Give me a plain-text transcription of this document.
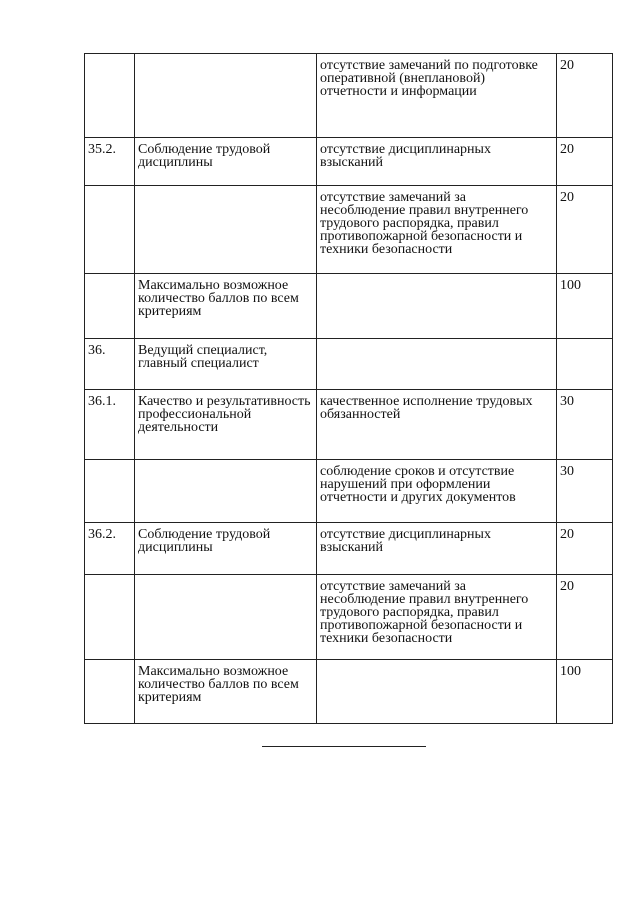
		отсутствие замечаний по подготовке оперативной (внеплановой) отчетности и информации	20
35.2.	Соблюдение трудовой дисциплины	отсутствие дисциплинарных взысканий	20
		отсутствие замечаний за несоблюдение правил внутреннего трудового распорядка, правил противопожарной безопасности и техники безопасности	20
	Максимально возможное количество баллов по всем критериям		100
36.	Ведущий специалист, главный специалист		
36.1.	Качество и результативность профессиональной деятельности	качественное исполнение трудовых обязанностей	30
		соблюдение сроков и отсутствие нарушений при оформлении отчетности и других документов	30
36.2.	Соблюдение трудовой дисциплины	отсутствие дисциплинарных взысканий	20
		отсутствие замечаний за несоблюдение правил внутреннего трудового распорядка, правил противопожарной безопасности и техники безопасности	20
	Максимально возможное количество баллов по всем критериям		100
